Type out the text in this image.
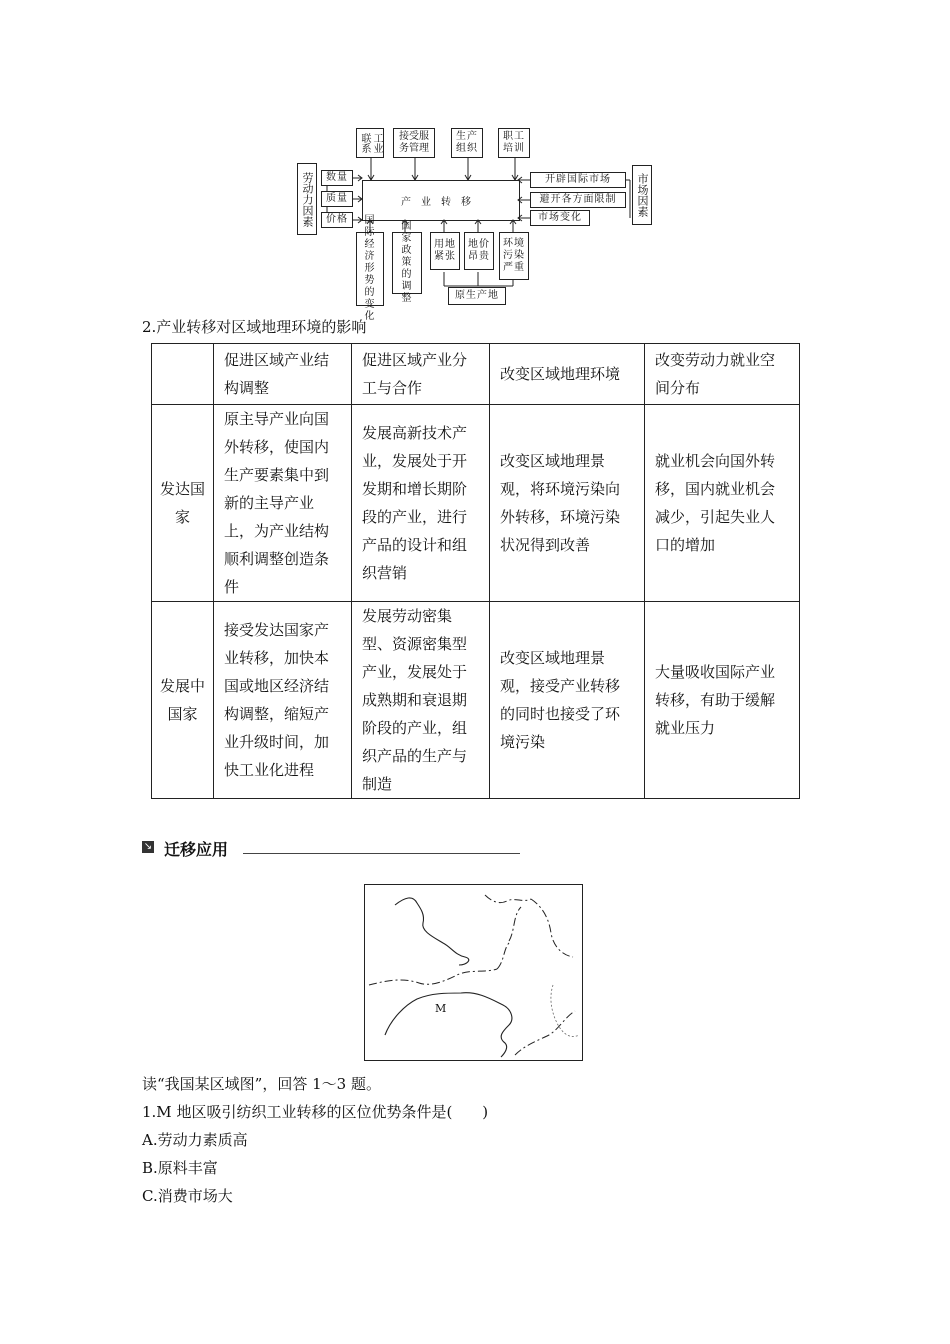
工业联系	接受服务管理
生产组织
职工培训
劳动力因素	数量
质量
价格
产业转移
开辟国际市场
避开各方面限制
市场变化
市场因素
国际经济形势的变化
国家政策的调整
用地紧张
地价昂贵
环境污染严重
原生产地
2.产业转移对区域地理环境的影响
	促进区域产业结构调整	促进区域产业分工与合作	改变区域地理环境	改变劳动力就业空间分布
发达国家	原主导产业向国外转移，使国内生产要素集中到新的主导产业上，为产业结构顺利调整创造条件	发展高新技术产业，发展处于开发期和增长期阶段的产业，进行产品的设计和组织营销	改变区域地理景观，将环境污染向外转移，环境污染状况得到改善	就业机会向国外转移，国内就业机会减少，引起失业人口的增加
发展中国家	接受发达国家产业转移，加快本国或地区经济结构调整，缩短产业升级时间，加快工业化进程	发展劳动密集型、资源密集型产业，发展处于成熟期和衰退期阶段的产业，组织产品的生产与制造	改变区域地理景观，接受产业转移的同时也接受了环境污染	大量吸收国际产业转移，有助于缓解就业压力
↘ 迁移应用
M
读“我国某区域图”，回答 1～3 题。
1.M 地区吸引纺织工业转移的区位优势条件是(　　)
A.劳动力素质高
B.原料丰富
C.消费市场大
